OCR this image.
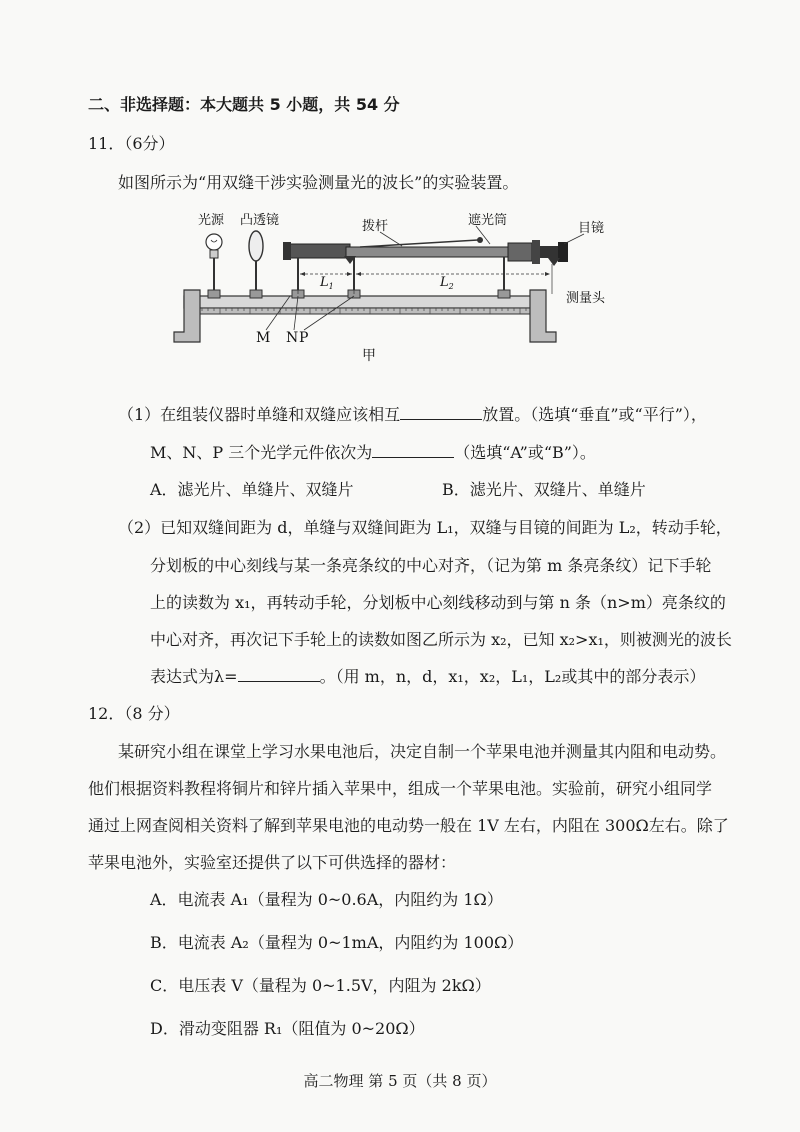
二、非选择题：本大题共 5 小题，共 54 分
11．（6分）
如图所示为“用双缝干涉实验测量光的波长”的实验装置。
光源 凸透镜	拨杆	遮光筒
目镜
测量头
$L_1$	$L_2$
M N P
甲
（1）在组装仪器时单缝和双缝应该相互	放置。（选填“垂直”或“平行”），
M、N、P 三个光学元件依次为	（选填“A”或“B”）。
A．滤光片、单缝片、双缝片	B．滤光片、双缝片、单缝片
（2）已知双缝间距为 d，单缝与双缝间距为 L₁，双缝与目镜的间距为 L₂，转动手轮，
分划板的中心刻线与某一条亮条纹的中心对齐，（记为第 m 条亮条纹）记下手轮
上的读数为 x₁，再转动手轮，分划板中心刻线移动到与第 n 条（n>m）亮条纹的
中心对齐，再次记下手轮上的读数如图乙所示为 x₂，已知 x₂>x₁，则被测光的波长
表达式为λ=	。（用 m，n，d，x₁，x₂，L₁，L₂或其中的部分表示）
12．（8 分）
某研究小组在课堂上学习水果电池后，决定自制一个苹果电池并测量其内阻和电动势。
他们根据资料教程将铜片和锌片插入苹果中，组成一个苹果电池。实验前，研究小组同学
通过上网查阅相关资料了解到苹果电池的电动势一般在 1V 左右，内阻在 300Ω左右。除了
苹果电池外，实验室还提供了以下可供选择的器材：
A．电流表 A₁（量程为 0~0.6A，内阻约为 1Ω）
B．电流表 A₂（量程为 0~1mA，内阻约为 100Ω）
C．电压表 V（量程为 0~1.5V，内阻为 2kΩ）
D．滑动变阻器 R₁（阻值为 0~20Ω）
高二物理 第 5 页（共 8 页）
